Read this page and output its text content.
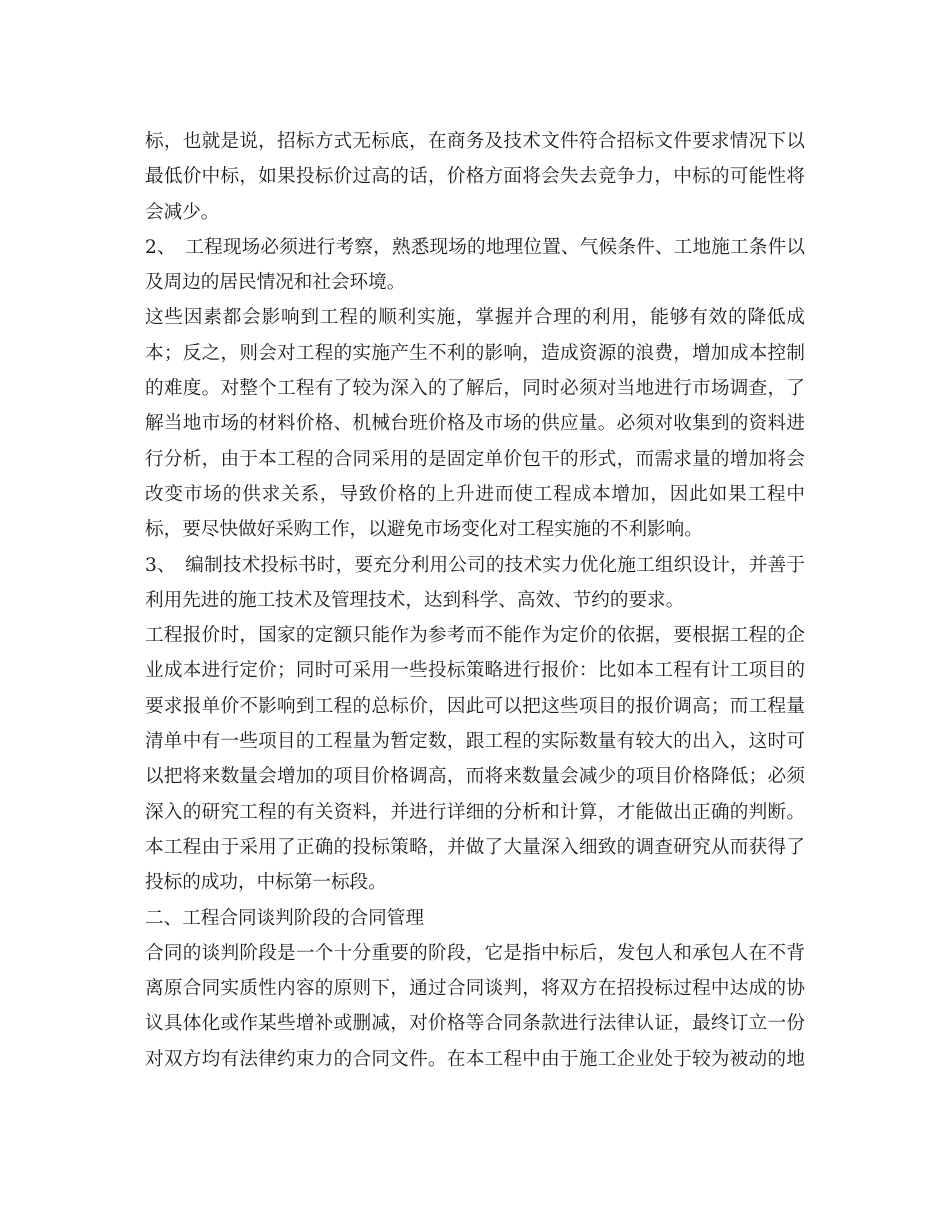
标，也就是说，招标方式无标底，在商务及技术文件符合招标文件要求情况下以
最低价中标，如果投标价过高的话，价格方面将会失去竞争力，中标的可能性将
会减少。
2、　工程现场必须进行考察，熟悉现场的地理位置、气候条件、工地施工条件以
及周边的居民情况和社会环境。
这些因素都会影响到工程的顺利实施，掌握并合理的利用，能够有效的降低成
本；反之，则会对工程的实施产生不利的影响，造成资源的浪费，增加成本控制
的难度。对整个工程有了较为深入的了解后，同时必须对当地进行市场调查，了
解当地市场的材料价格、机械台班价格及市场的供应量。必须对收集到的资料进
行分析，由于本工程的合同采用的是固定单价包干的形式，而需求量的增加将会
改变市场的供求关系，导致价格的上升进而使工程成本增加，因此如果工程中
标，要尽快做好采购工作，以避免市场变化对工程实施的不利影响。
3、　编制技术投标书时，要充分利用公司的技术实力优化施工组织设计，并善于
利用先进的施工技术及管理技术，达到科学、高效、节约的要求。
工程报价时，国家的定额只能作为参考而不能作为定价的依据，要根据工程的企
业成本进行定价；同时可采用一些投标策略进行报价：比如本工程有计工项目的
要求报单价不影响到工程的总标价，因此可以把这些项目的报价调高；而工程量
清单中有一些项目的工程量为暂定数，跟工程的实际数量有较大的出入，这时可
以把将来数量会增加的项目价格调高，而将来数量会减少的项目价格降低；必须
深入的研究工程的有关资料，并进行详细的分析和计算，才能做出正确的判断。
本工程由于采用了正确的投标策略，并做了大量深入细致的调查研究从而获得了
投标的成功，中标第一标段。
二、工程合同谈判阶段的合同管理
合同的谈判阶段是一个十分重要的阶段，它是指中标后，发包人和承包人在不背
离原合同实质性内容的原则下，通过合同谈判，将双方在招投标过程中达成的协
议具体化或作某些增补或删减，对价格等合同条款进行法律认证，最终订立一份
对双方均有法律约束力的合同文件。在本工程中由于施工企业处于较为被动的地
